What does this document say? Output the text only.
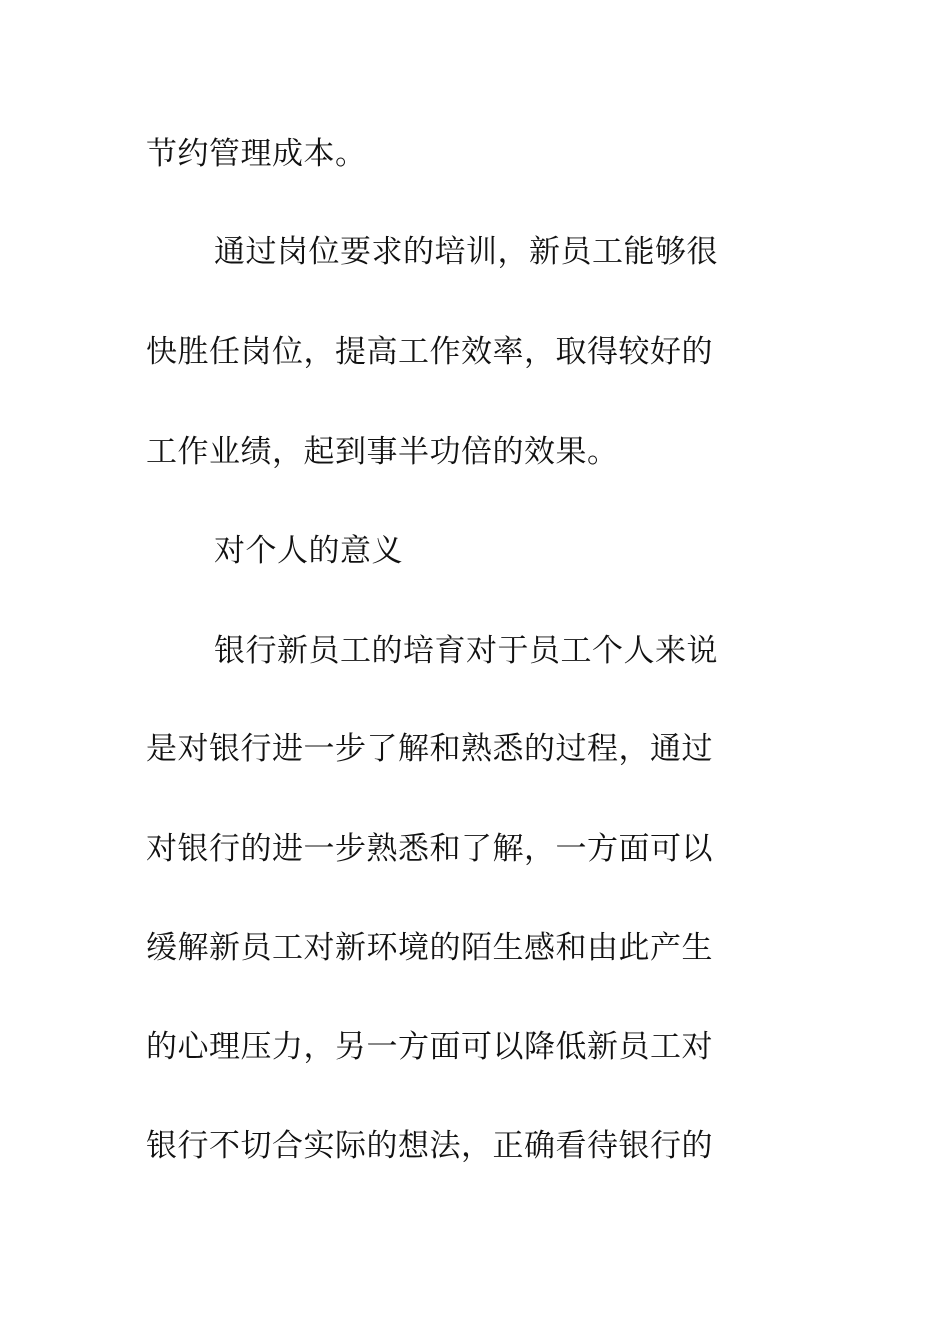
节约管理成本。
通过岗位要求的培训，新员工能够很
快胜任岗位，提高工作效率，取得较好的
工作业绩，起到事半功倍的效果。
对个人的意义
银行新员工的培育对于员工个人来说
是对银行进一步了解和熟悉的过程，通过
对银行的进一步熟悉和了解，一方面可以
缓解新员工对新环境的陌生感和由此产生
的心理压力，另一方面可以降低新员工对
银行不切合实际的想法，正确看待银行的
